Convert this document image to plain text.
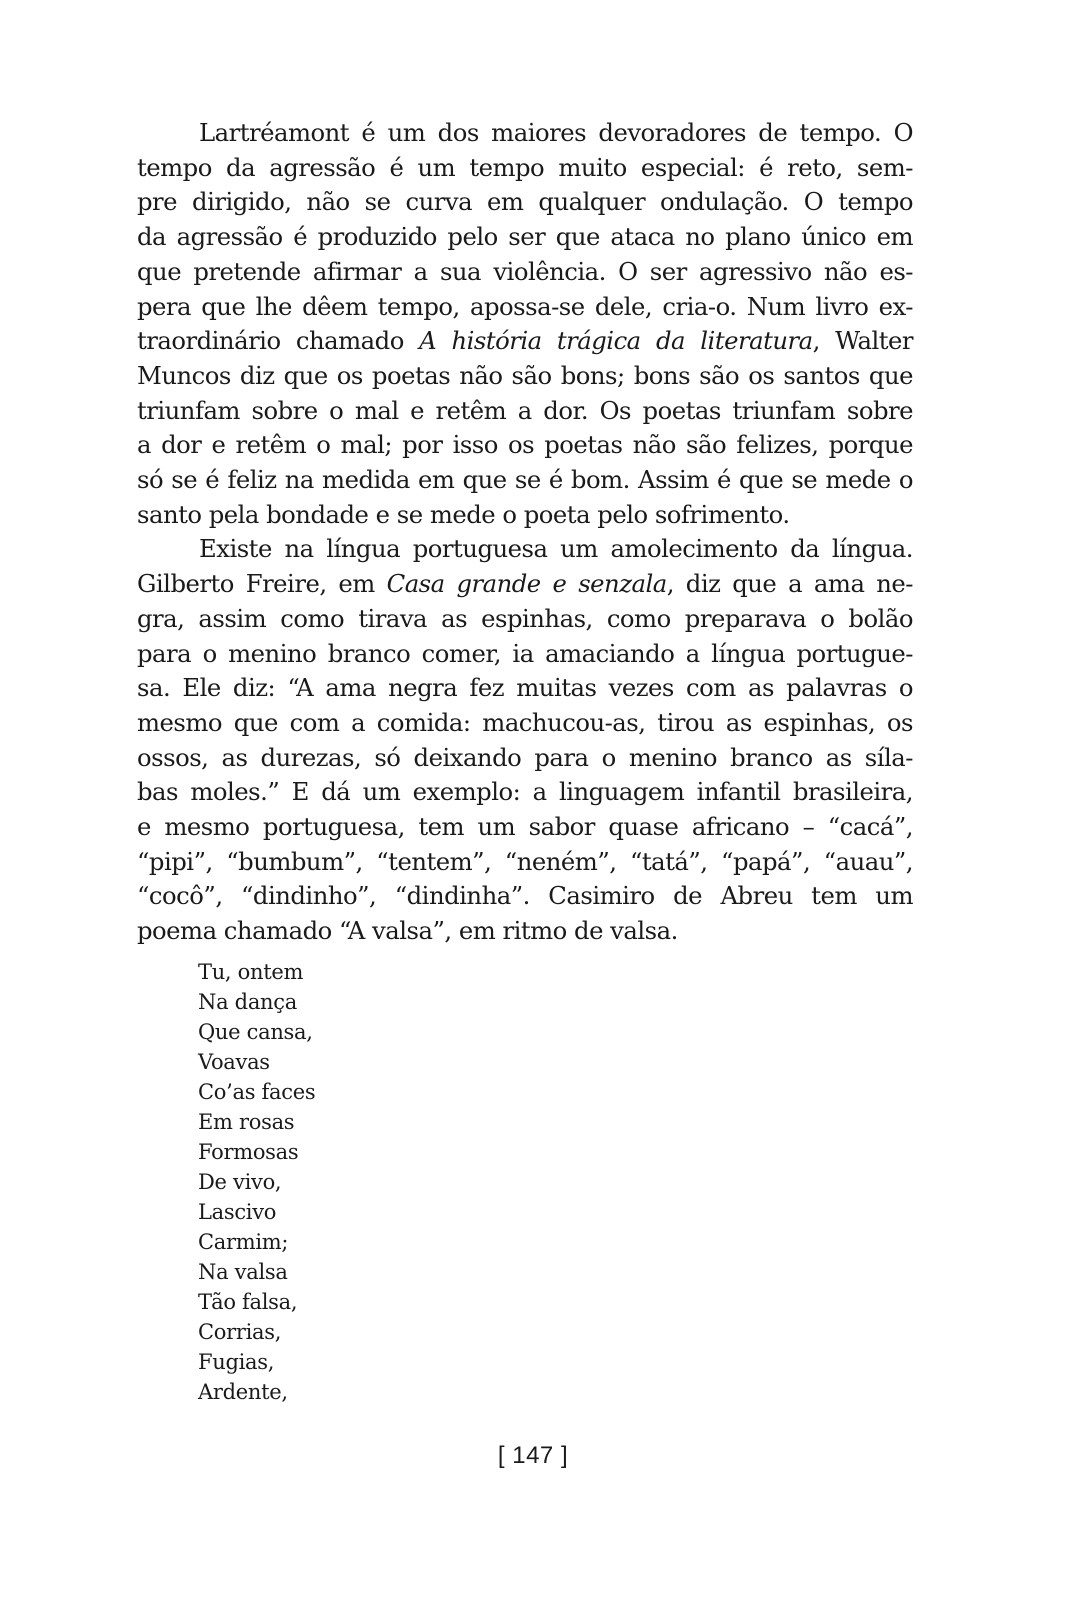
Lartréamont é um dos maiores devoradores de tempo. O
tempo da agressão é um tempo muito especial: é reto, sem-
pre dirigido, não se curva em qualquer ondulação. O tempo
da agressão é produzido pelo ser que ataca no plano único em
que pretende afirmar a sua violência. O ser agressivo não es-
pera que lhe dêem tempo, apossa-se dele, cria-o. Num livro ex-
traordinário chamado A história trágica da literatura, Walter
Muncos diz que os poetas não são bons; bons são os santos que
triunfam sobre o mal e retêm a dor. Os poetas triunfam sobre
a dor e retêm o mal; por isso os poetas não são felizes, porque
só se é feliz na medida em que se é bom. Assim é que se mede o
santo pela bondade e se mede o poeta pelo sofrimento.
Existe na língua portuguesa um amolecimento da língua.
Gilberto Freire, em Casa grande e senzala, diz que a ama ne-
gra, assim como tirava as espinhas, como preparava o bolão
para o menino branco comer, ia amaciando a língua portugue-
sa. Ele diz: “A ama negra fez muitas vezes com as palavras o
mesmo que com a comida: machucou-as, tirou as espinhas, os
ossos, as durezas, só deixando para o menino branco as síla-
bas moles.” E dá um exemplo: a linguagem infantil brasileira,
e mesmo portuguesa, tem um sabor quase africano – “cacá”,
“pipi”, “bumbum”, “tentem”, “neném”, “tatá”, “papá”, “auau”,
“cocô”, “dindinho”, “dindinha”. Casimiro de Abreu tem um
poema chamado “A valsa”, em ritmo de valsa.
Tu, ontem
Na dança
Que cansa,
Voavas
Co’as faces
Em rosas
Formosas
De vivo,
Lascivo
Carmim;
Na valsa
Tão falsa,
Corrias,
Fugias,
Ardente,
[ 147 ]
